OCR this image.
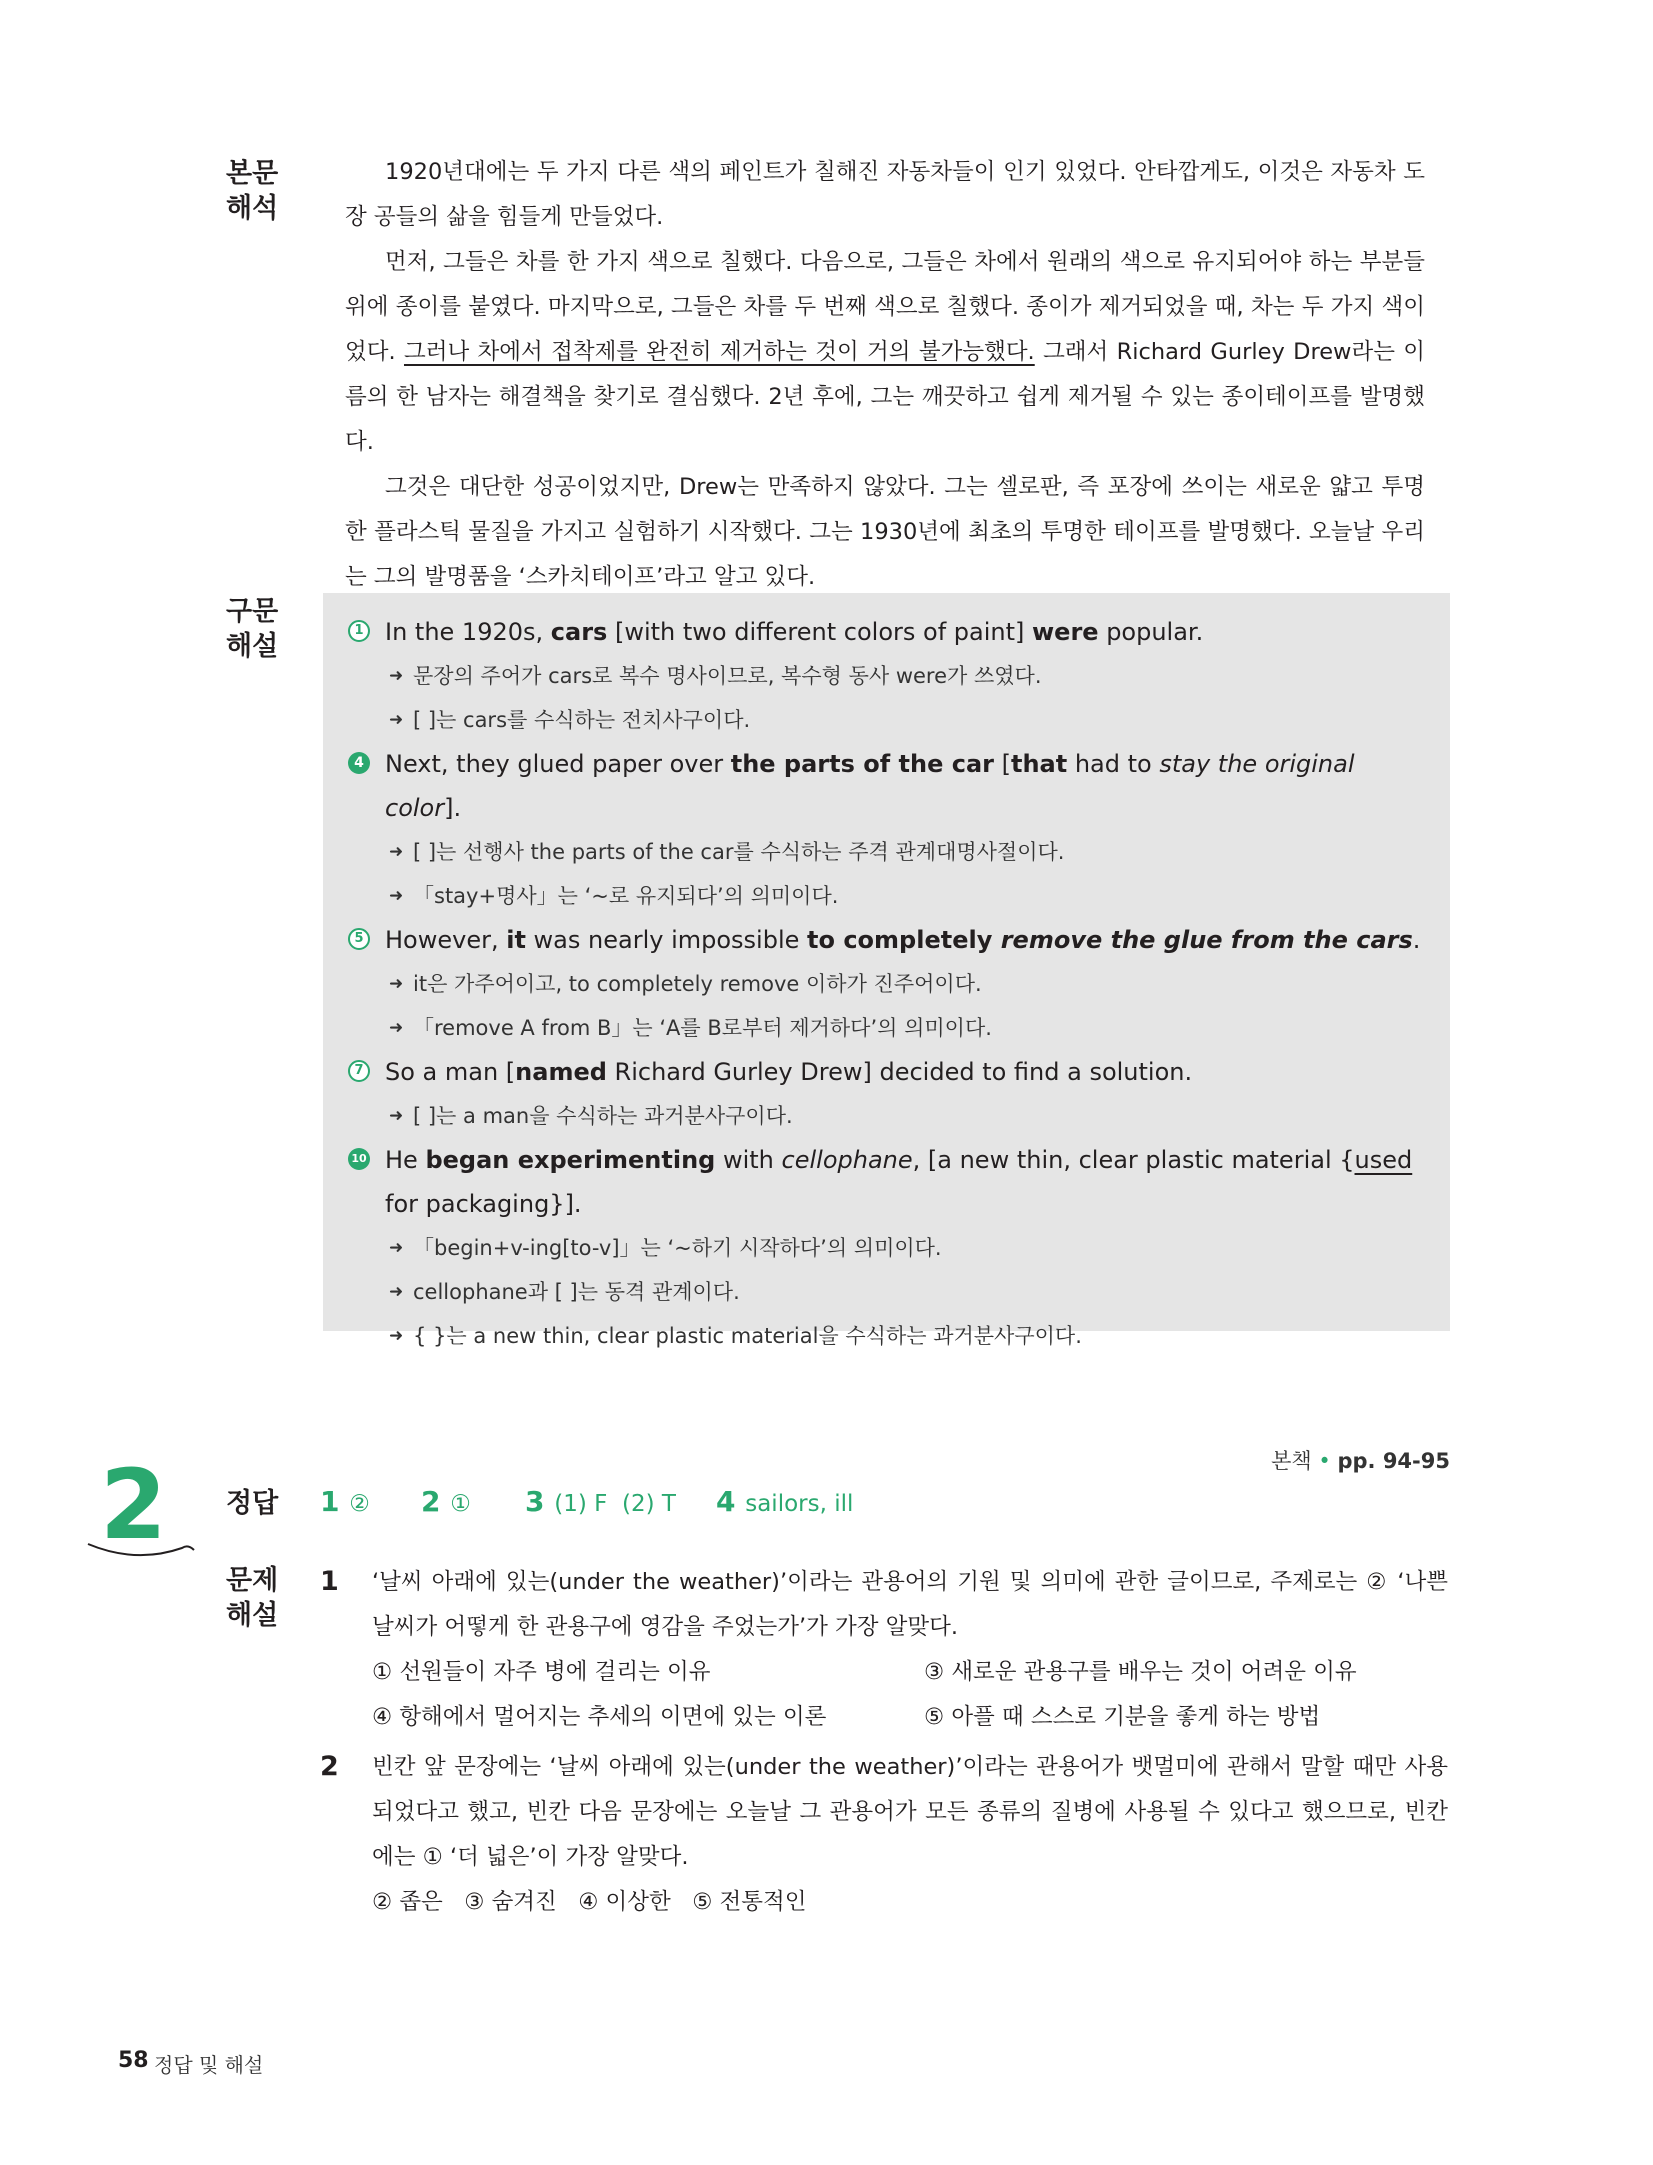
본문
해석

1920년대에는 두 가지 다른 색의 페인트가 칠해진 자동차들이 인기 있었다. 안타깝게도, 이것은 자동차 도장 공들의 삶을 힘들게 만들었다.

먼저, 그들은 차를 한 가지 색으로 칠했다. 다음으로, 그들은 차에서 원래의 색으로 유지되어야 하는 부분들 위에 종이를 붙였다. 마지막으로, 그들은 차를 두 번째 색으로 칠했다. 종이가 제거되었을 때, 차는 두 가지 색이었다. 그러나 차에서 접착제를 완전히 제거하는 것이 거의 불가능했다. 그래서 Richard Gurley Drew라는 이름의 한 남자는 해결책을 찾기로 결심했다. 2년 후에, 그는 깨끗하고 쉽게 제거될 수 있는 종이테이프를 발명했다.

그것은 대단한 성공이었지만, Drew는 만족하지 않았다. 그는 셀로판, 즉 포장에 쓰이는 새로운 얇고 투명한 플라스틱 물질을 가지고 실험하기 시작했다. 그는 1930년에 최초의 투명한 테이프를 발명했다. 오늘날 우리는 그의 발명품을 ‘스카치테이프’라고 알고 있다.

구문
해설
1 In the 1920s, cars [with two different colors of paint] were popular.
➜ 문장의 주어가 cars로 복수 명사이므로, 복수형 동사 were가 쓰였다.
➜ [ ]는 cars를 수식하는 전치사구이다.
4 Next, they glued paper over the parts of the car [that had to stay the original color].
➜ [ ]는 선행사 the parts of the car를 수식하는 주격 관계대명사절이다.
➜ 「stay+명사」는 ‘~로 유지되다’의 의미이다.
5 However, it was nearly impossible to completely remove the glue from the cars.
➜ it은 가주어이고, to completely remove 이하가 진주어이다.
➜ 「remove A from B」는 ‘A를 B로부터 제거하다’의 의미이다.
7 So a man [named Richard Gurley Drew] decided to find a solution.
➜ [ ]는 a man을 수식하는 과거분사구이다.
10 He began experimenting with cellophane, [a new thin, clear plastic material {used for packaging}].
➜ 「begin+v-ing[to-v]」는 ‘~하기 시작하다’의 의미이다.
➜ cellophane과 [ ]는 동격 관계이다.
➜ { }는 a new thin, clear plastic material을 수식하는 과거분사구이다.
2	본책 • pp. 94-95
정답	1 ② 2 ① 3 (1) F  (2) T 4 sailors, ill
문제
해설
1 ‘날씨 아래에 있는(under the weather)’이라는 관용어의 기원 및 의미에 관한 글이므로, 주제로는 ② ‘나쁜 날씨가 어떻게 한 관용구에 영감을 주었는가’가 가장 알맞다.
① 선원들이 자주 병에 걸리는 이유	③ 새로운 관용구를 배우는 것이 어려운 이유
④ 항해에서 멀어지는 추세의 이면에 있는 이론	⑤ 아플 때 스스로 기분을 좋게 하는 방법
2 빈칸 앞 문장에는 ‘날씨 아래에 있는(under the weather)’이라는 관용어가 뱃멀미에 관해서 말할 때만 사용되었다고 했고, 빈칸 다음 문장에는 오늘날 그 관용어가 모든 종류의 질병에 사용될 수 있다고 했으므로, 빈칸에는 ① ‘더 넓은’이 가장 알맞다.
② 좁은   ③ 숨겨진   ④ 이상한   ⑤ 전통적인
58 정답 및 해설
